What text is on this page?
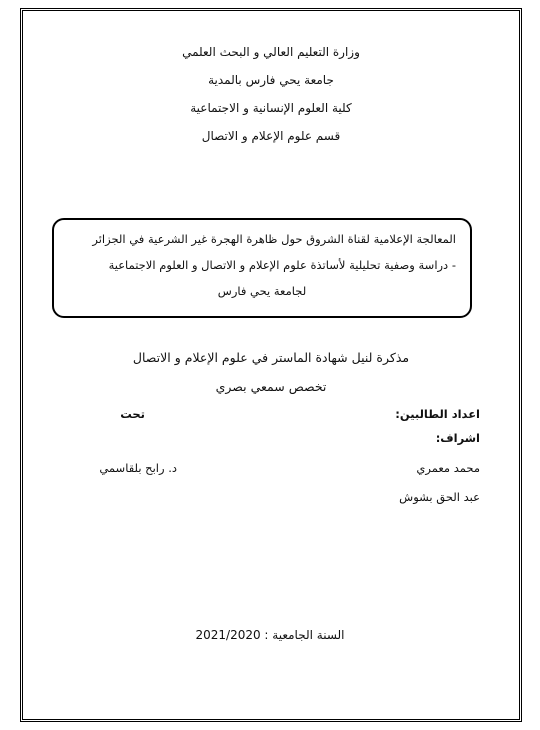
وزارة التعليم العالي و البحث العلمي
جامعة يحي فارس بالمدية
كلية العلوم الإنسانية و الاجتماعية
قسم علوم الإعلام و الاتصال
المعالجة الإعلامية لقناة الشروق حول ظاهرة الهجرة غير الشرعية في الجزائر
- دراسة وصفية تحليلية لأساتذة علوم الإعلام و الاتصال و العلوم الاجتماعية
لجامعة يحي فارس
مذكرة لنيل شهادة الماستر في علوم الإعلام و الاتصال
تخصص سمعي بصري
اعداد الطالبين:
تحت
اشراف:
محمد معمري
د. رابح بلقاسمي
عبد الحق بشوش
السنة الجامعية : 2021/2020
